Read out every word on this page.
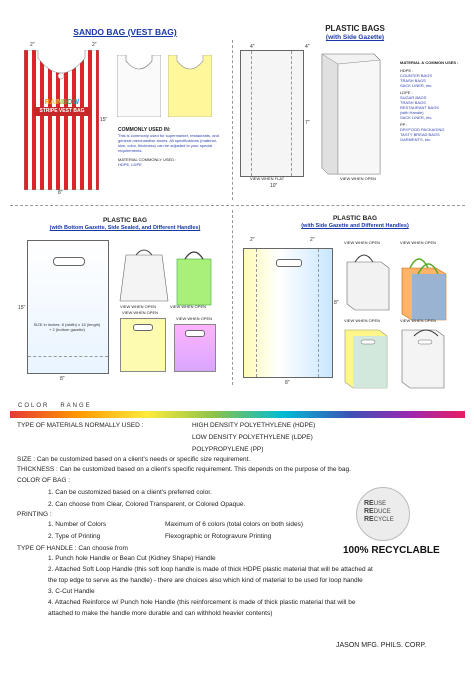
SANDO BAG (VEST BAG)
2"	2"
15"
8"
RAINBOW
STRIPE VEST BAG
COMMONLY USED IN:
This is commonly used for supermarket, restaurants, and general merchandise stores. All specifications (material, size, color, thickness) can be adjusted to your special requirements.
MATERIAL COMMONLY USED :
HDPE, LDPE
PLASTIC BAGS
(with Side Gazette)
4"	4"
7"
10"
VIEW WHEN FLAT	VIEW WHEN OPEN
MATERIAL & COMMON USES :
HDPE :
COUNTER BAGS
TRASH BAGS
SACK LINER, etc.
LDPE :
SUGAR BAGS
TRASH BAGS
RESTAURANT BAGS
(with Handle)
SACK LINER, etc.
PP :
DRYFOOD PACKAGING
TASTY BREAD BAGS
GARMENTS, etc.
PLASTIC BAG
(with Bottom Gazette, Side Sealed, and Different Handles)
15"
8"
SIZE in inches: 8 (width) x 15 (length) + 2 (bottom gazette)
VIEW WHEN OPEN	VIEW WHEN OPEN
VIEW WHEN OPEN
VIEW WHEN OPEN
PLASTIC BAG
(with Side Gazette and Different Handles)
2"	2"
8"
8"
VIEW WHEN OPEN	VIEW WHEN OPEN
VIEW WHEN OPEN	VIEW WHEN OPEN
COLOR   RANGE
TYPE OF MATERIALS NORMALLY USED :	HIGH DENSITY POLYETHYLENE (HDPE)
LOW DENSITY POLYETHYLENE (LDPE)
POLYPROPYLENE (PP)
SIZE : Can be customized based on a client's needs or specific size requirement.
THICKNESS : Can be customized based on a client's specific requirement. This depends on the purpose of the bag.
COLOR OF BAG :
1. Can be customized based on a client's preferred color.
2. Can choose from Clear, Colored Transparent, or Colored Opaque.
PRINTING :
1. Number of Colors	Maximum of 6 colors (total colors on both sides)
2. Type of Printing	Flexographic or Rotogravure Printing
TYPE OF HANDLE : Can choose from
1. Punch hole Handle or Bean Cut (Kidney Shape) Handle
2. Attached Soft Loop Handle (this soft loop handle is made of thick HDPE plastic material that will be attached at
the top edge to serve as the handle) - there are choices also which kind of material to be used for loop handle
3. C-Cut Handle
4. Attached Reinforce w/ Punch hole Handle (this reinforcement is made of thick plastic material that will be
attached to make the handle more durable and can withhold heavier contents)
REUSE
REDUCE
RECYCLE
100% RECYCLABLE
JASON MFG. PHILS. CORP.
